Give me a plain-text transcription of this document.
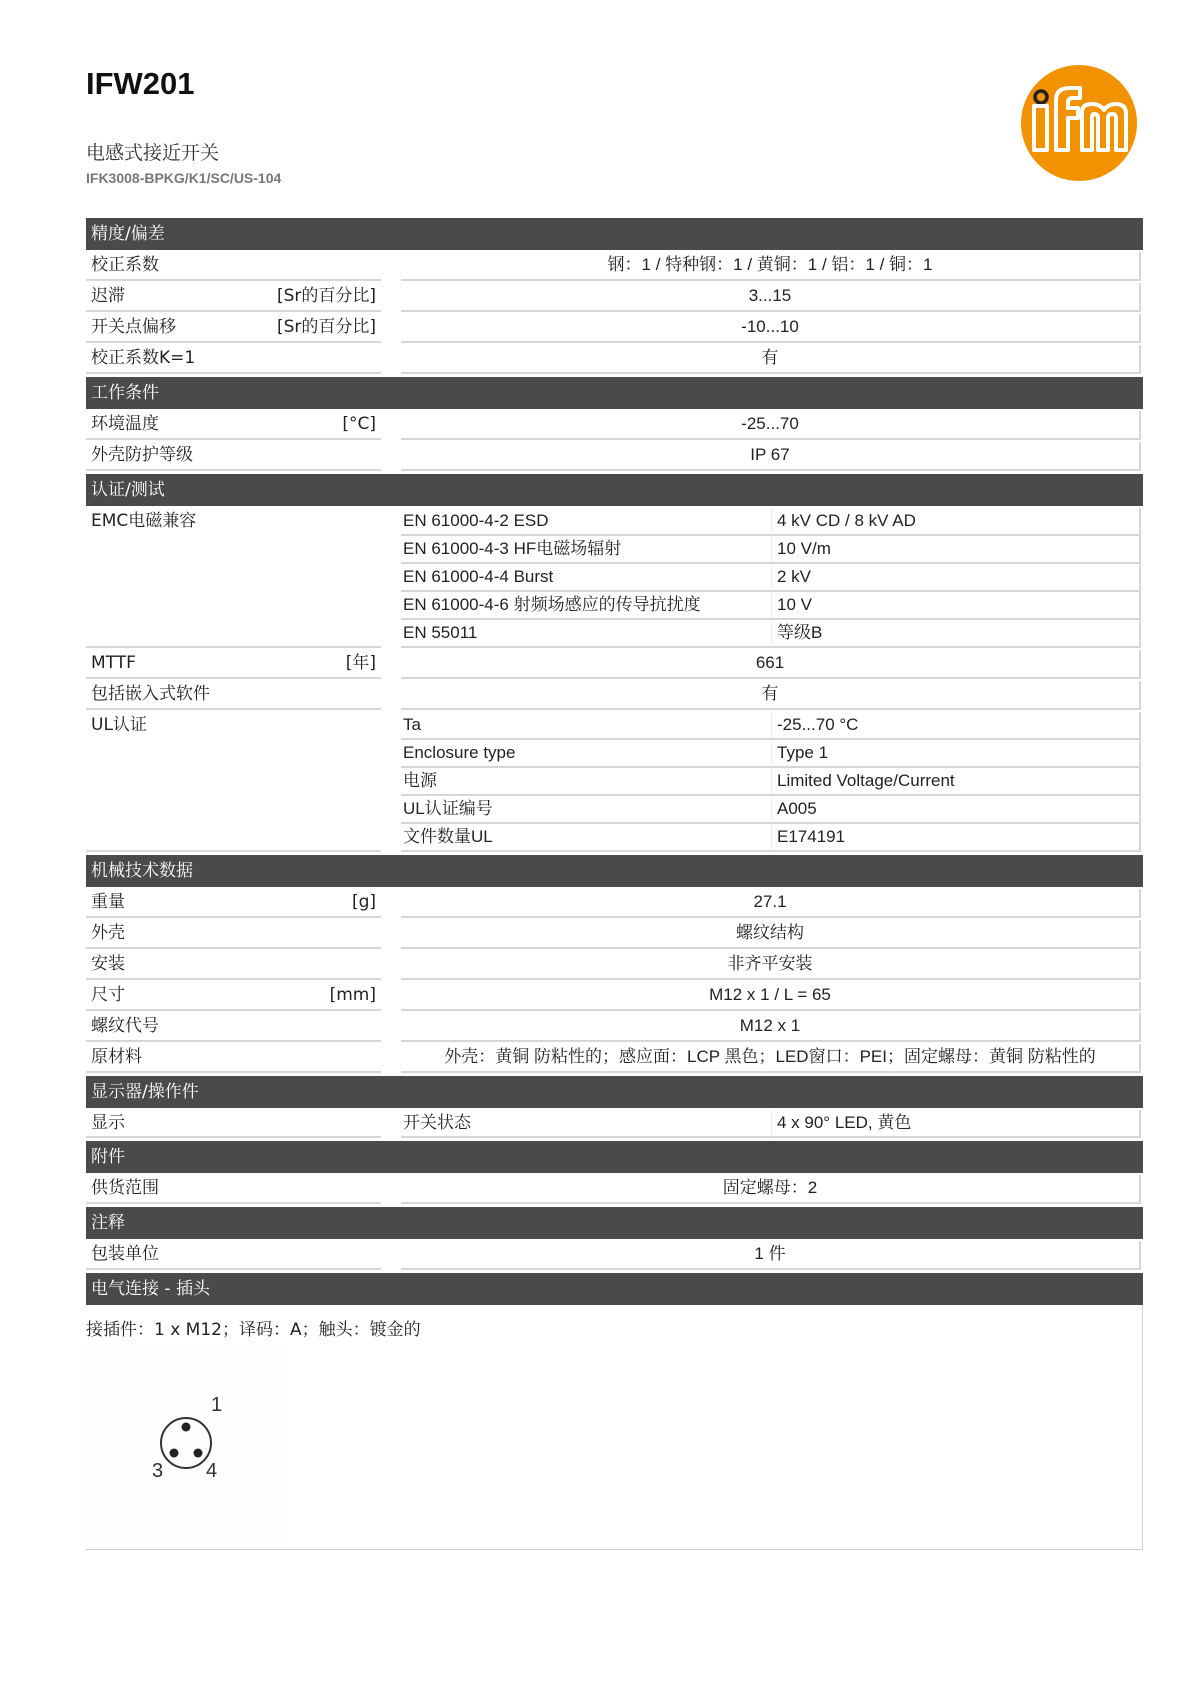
IFW201
电感式接近开关
IFK3008-BPKG/K1/SC/US-104
精度/偏差
校正系数	钢：1 / 特种钢：1 / 黄铜：1 / 铝：1 / 铜：1
迟滞	[Sr的百分比]	3...15
开关点偏移	[Sr的百分比]	-10...10
校正系数K=1	有
工作条件
环境温度	[°C]	-25...70
外壳防护等级	IP 67
认证/测试
EMC电磁兼容	EN 61000-4-2 ESD	4 kV CD / 8 kV AD
EN 61000-4-3 HF电磁场辐射	10 V/m
EN 61000-4-4 Burst	2 kV
EN 61000-4-6 射频场感应的传导抗扰度	10 V
EN 55011	等级B
MTTF	[年]	661
包括嵌入式软件	有
UL认证	Ta	-25...70 °C
Enclosure type	Type 1
电源	Limited Voltage/Current
UL认证编号	A005
文件数量UL	E174191
机械技术数据
重量	[g]	27.1
外壳	螺纹结构
安装	非齐平安装
尺寸	[mm]	M12 x 1 / L = 65
螺纹代号	M12 x 1
原材料	外壳：黄铜 防粘性的；感应面：LCP 黑色；LED窗口：PEI；固定螺母：黄铜 防粘性的
显示器/操作件
显示	开关状态	4 x 90° LED, 黄色
附件
供货范围	固定螺母：2
注释
包装单位	1 件
电气连接 - 插头
接插件：1 x M12；译码：A；触头：镀金的
1
3 4
